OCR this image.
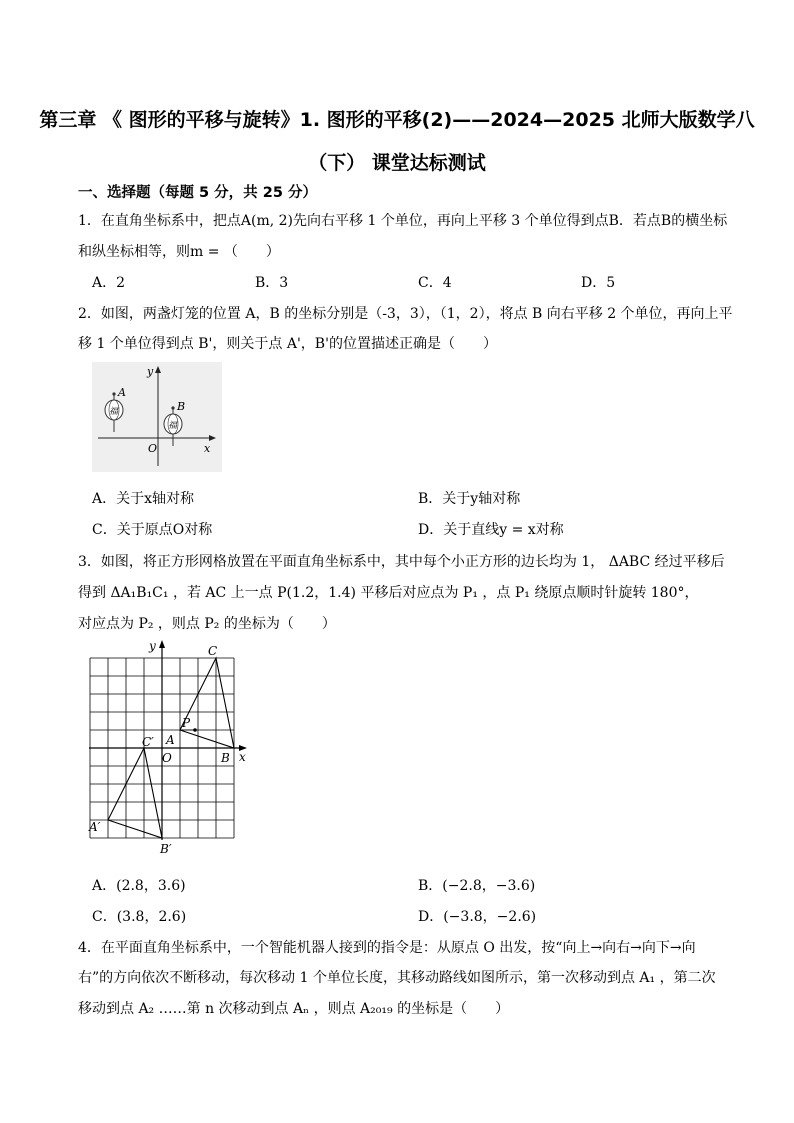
第三章 《 图形的平移与旋转》1. 图形的平移(2)——2024—2025 北师大版数学八
（下） 课堂达标测试
一、选择题（每题 5 分，共 25 分）
1．在直角坐标系中，把点A(m, 2)先向右平移 1 个单位，再向上平移 3 个单位得到点B．若点B的横坐标
和纵坐标相等，则m = （　　）
A．2	B．3	C．4	D．5
2．如图，两盏灯笼的位置 A，B 的坐标分别是（-3，3），（1，2），将点 B 向右平移 2 个单位，再向上平
移 1 个单位得到点 B'，则关于点 A'，B'的位置描述正确是（　　）
y
x
O
福
A
福
B
A．关于x轴对称	B．关于y轴对称
C．关于原点O对称	D．关于直线y = x对称
3．如图，将正方形网格放置在平面直角坐标系中，其中每个小正方形的边长均为 1， ΔABC 经过平移后
得到 ΔA₁B₁C₁ ，若 AC 上一点 P(1.2，1.4) 平移后对应点为 P₁ ，点 P₁ 绕原点顺时针旋转 180°，
对应点为 P₂ ，则点 P₂ 的坐标为（　　）
y
x
O
C
P
A
B
C′
A′
B′
A．(2.8，3.6)	B．(−2.8，−3.6)
C．(3.8，2.6)	D．(−3.8，−2.6)
4．在平面直角坐标系中，一个智能机器人接到的指令是：从原点 O 出发，按“向上→向右→向下→向
右”的方向依次不断移动，每次移动 1 个单位长度，其移动路线如图所示，第一次移动到点 A₁ ，第二次
移动到点 A₂ ……第 n 次移动到点 Aₙ ，则点 A₂₀₁₉ 的坐标是（　　）
